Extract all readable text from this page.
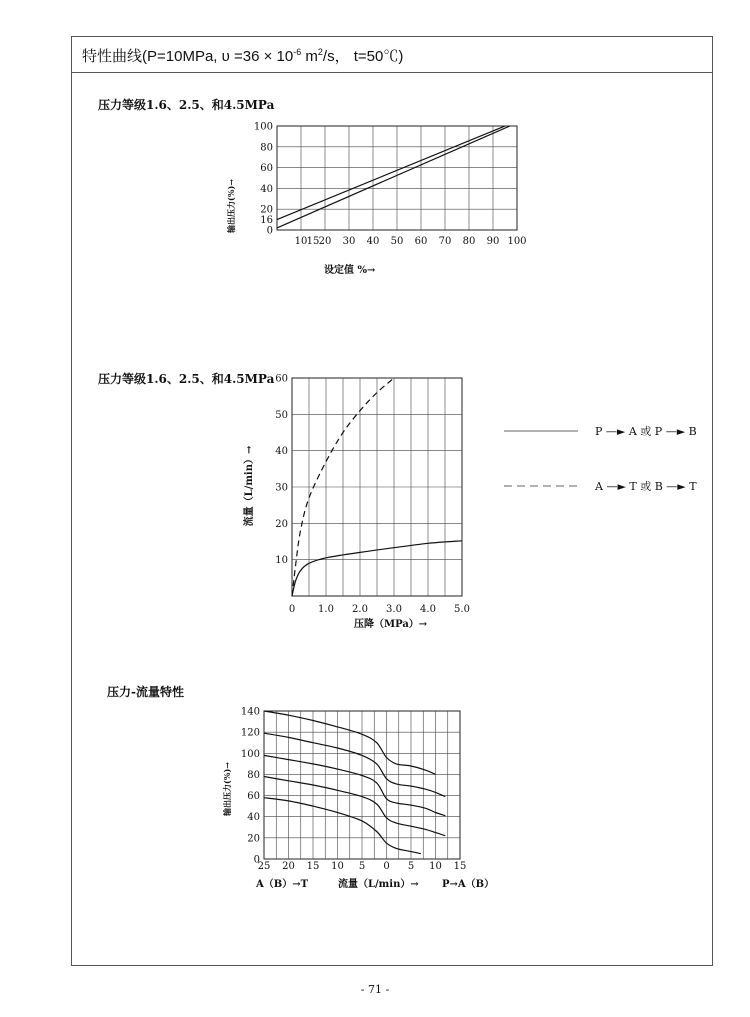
特性曲线(P=10MPa, $\upsilon =36 \times 10^{-6}$ $m^2/s$， t=50℃)
压力等级1.6、2.5、和4.5MPa
压力等级1.6、2.5、和4.5MPa
压力-流量特性
10 15 20 30 40 50 60 70 80 90 100
100
80
60
40
20
16
0
设定值 %→
输出压力(%)→
0 1.0 2.0 3.0 4.0 5.0
60
50
40
30
20
10
压降（MPa）→
流量（L/min）→
P —► A 或 P —► B
A —► T 或 B —► T
25 20 15 10 5 0 5 10 15
140
120
100
80
60
40
20
0
输出压力(%)→
A（B）→T	流量（L/min）→ P→A（B）
- 71 -
